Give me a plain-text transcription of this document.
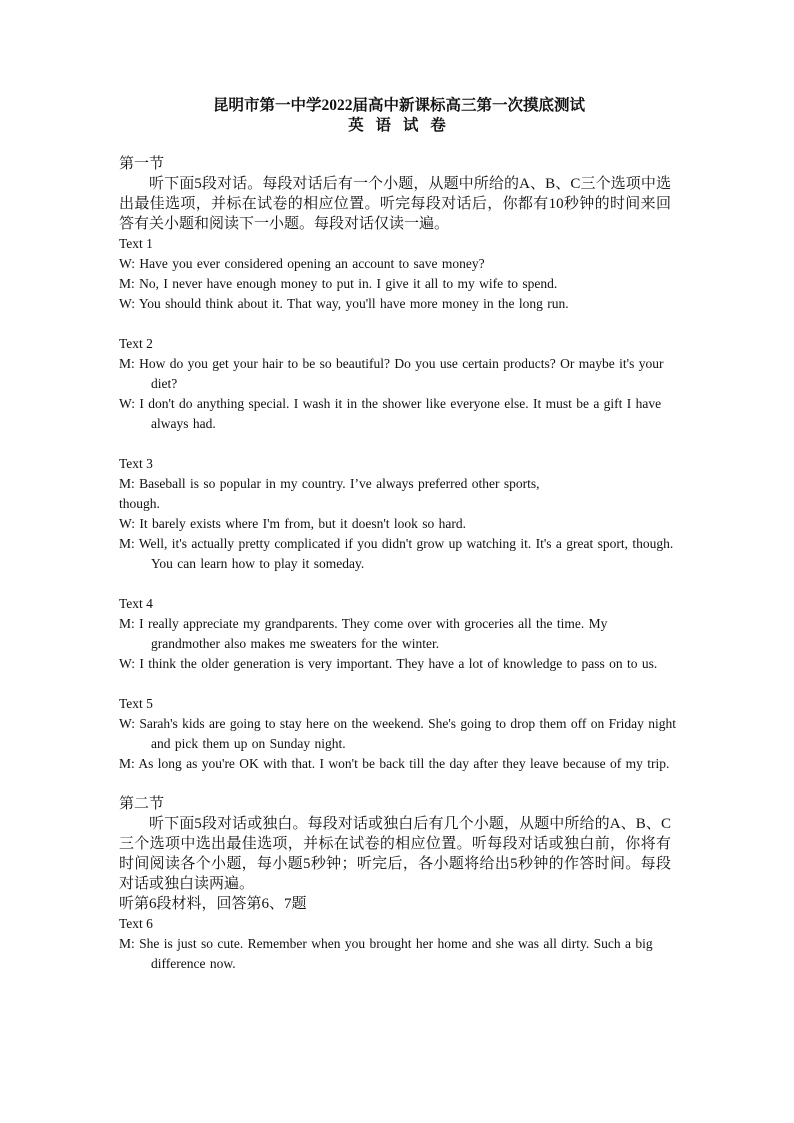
昆明市第一中学2022届高中新课标高三第一次摸底测试
英 语 试 卷
第一节
听下面5段对话。每段对话后有一个小题，从题中所给的A、B、C三个选项中选出最佳选项，并标在试卷的相应位置。听完每段对话后，你都有10秒钟的时间来回答有关小题和阅读下一小题。每段对话仅读一遍。
Text 1
W: Have you ever considered opening an account to save money?
M: No, I never have enough money to put in. I give it all to my wife to spend.
W: You should think about it. That way, you'll have more money in the long run.
Text 2
M: How do you get your hair to be so beautiful? Do you use certain products? Or maybe it's your diet?
W: I don't do anything special. I wash it in the shower like everyone else. It must be a gift I have always had.
Text 3
M: Baseball is so popular in my country. I’ve always preferred other sports,
though.
W: It barely exists where I'm from, but it doesn't look so hard.
M: Well, it's actually pretty complicated if you didn't grow up watching it. It's a great sport, though. You can learn how to play it someday.
Text 4
M: I really appreciate my grandparents. They come over with groceries all the time. My grandmother also makes me sweaters for the winter.
W: I think the older generation is very important. They have a lot of knowledge to pass on to us.
Text 5
W: Sarah's kids are going to stay here on the weekend. She's going to drop them off on Friday night and pick them up on Sunday night.
M: As long as you're OK with that. I won't be back till the day after they leave because of my trip.
第二节
听下面5段对话或独白。每段对话或独白后有几个小题，从题中所给的A、B、C三个选项中选出最佳选项，并标在试卷的相应位置。听每段对话或独白前，你将有时间阅读各个小题，每小题5秒钟；听完后，各小题将给出5秒钟的作答时间。每段对话或独白读两遍。
听第6段材料，回答第6、7题
Text 6
M: She is just so cute. Remember when you brought her home and she was all dirty. Such a big difference now.
